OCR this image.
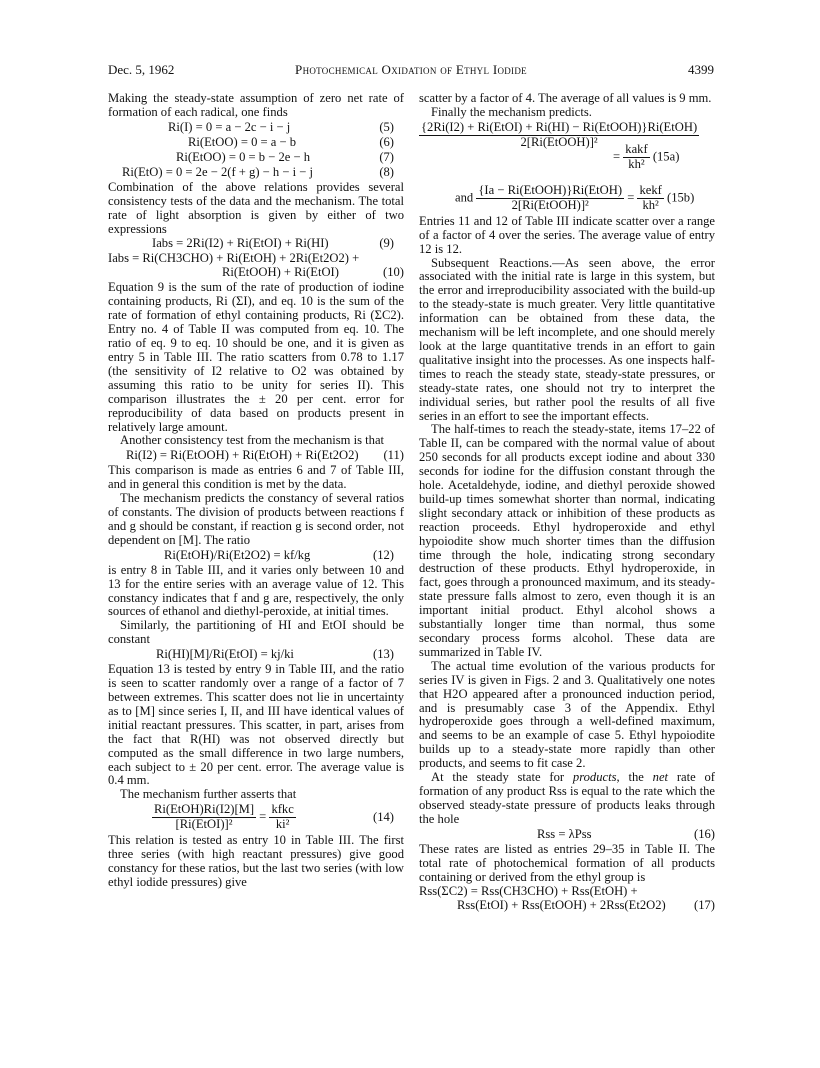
Dec. 5, 1962	Photochemical Oxidation of Ethyl Iodide	4399

Making the steady-state assumption of zero net rate of formation of each radical, one finds

Ri(I) = 0 = a − 2c − i − j	(5)
Ri(EtOO) = 0 = a − b	(6)
Ri(EtOO) = 0 = b − 2e − h	(7)
Ri(EtO) = 0 = 2e − 2(f + g) − h − i − j	(8)

Combination of the above relations provides several consistency tests of the data and the mechanism. The total rate of light absorption is given by either of two expressions

Iabs = 2Ri(I2) + Ri(EtOI) + Ri(HI)	(9)
Iabs = Ri(CH3CHO) + Ri(EtOH) + 2Ri(Et2O2) +
Ri(EtOOH) + Ri(EtOI)	(10)

Equation 9 is the sum of the rate of production of iodine containing products, Ri (ΣI), and eq. 10 is the sum of the rate of formation of ethyl containing products, Ri (ΣC2). Entry no. 4 of Table II was computed from eq. 10. The ratio of eq. 9 to eq. 10 should be one, and it is given as entry 5 in Table III. The ratio scatters from 0.78 to 1.17 (the sensitivity of I2 relative to O2 was obtained by assuming this ratio to be unity for series II). This comparison illustrates the ± 20 per cent. error for reproducibility of data based on products present in relatively large amount.

Another consistency test from the mechanism is that

Ri(I2) = Ri(EtOOH) + Ri(EtOH) + Ri(Et2O2) (11)

This comparison is made as entries 6 and 7 of Table III, and in general this condition is met by the data.

The mechanism predicts the constancy of several ratios of constants. The division of products between reactions f and g should be constant, if reaction g is second order, not dependent on [M]. The ratio

Ri(EtOH)/Ri(Et2O2) = kf/kg	(12)

is entry 8 in Table III, and it varies only between 10 and 13 for the entire series with an average value of 12. This constancy indicates that f and g are, respectively, the only sources of ethanol and diethyl-peroxide, at initial times.

Similarly, the partitioning of HI and EtOI should be constant

Ri(HI)[M]/Ri(EtOI) = kj/ki	(13)

Equation 13 is tested by entry 9 in Table III, and the ratio is seen to scatter randomly over a range of a factor of 7 between extremes. This scatter does not lie in uncertainty as to [M] since series I, II, and III have identical values of initial reactant pressures. This scatter, in part, arises from the fact that R(HI) was not observed directly but computed as the small difference in two large numbers, each subject to ± 20 per cent. error. The average value is 0.4 mm.

The mechanism further asserts that

$\frac{\text{Ri(EtOH)Ri(I2)[M]}}{\text{[Ri(EtOI)]²}} = \frac{\text{kfkc}}{\text{ki²}}$	(14)

This relation is tested as entry 10 in Table III. The first three series (with high reactant pressures) give good constancy for these ratios, but the last two series (with low ethyl iodide pressures) give

scatter by a factor of 4. The average of all values is 9 mm.

Finally the mechanism predicts.

$\frac{\text{\{2Ri(I2) + Ri(EtOI) + Ri(HI) − Ri(EtOOH)\}Ri(EtOH)}}{\text{2[Ri(EtOOH)]²}}$
= $\frac{\text{kakf}}{\text{kh²}} (15a)$
and $\frac{\text{\{Ia − Ri(EtOOH)\}Ri(EtOH)}}{\text{2[Ri(EtOOH)]²}} = \frac{\text{kekf}}{\text{kh²}} (15b)$

Entries 11 and 12 of Table III indicate scatter over a range of a factor of 4 over the series. The average value of entry 12 is 12.

Subsequent Reactions.—As seen above, the error associated with the initial rate is large in this system, but the error and irreproducibility associated with the build-up to the steady-state is much greater. Very little quantitative information can be obtained from these data, the mechanism will be left incomplete, and one should merely look at the large quantitative trends in an effort to gain qualitative insight into the processes. As one inspects half-times to reach the steady state, steady-state pressures, or steady-state rates, one should not try to interpret the individual series, but rather pool the results of all five series in an effort to see the important effects.

The half-times to reach the steady-state, items 17–22 of Table II, can be compared with the normal value of about 250 seconds for all products except iodine and about 330 seconds for iodine for the diffusion constant through the hole. Acetaldehyde, iodine, and diethyl peroxide showed build-up times somewhat shorter than normal, indicating slight secondary attack or inhibition of these products as reaction proceeds. Ethyl hydroperoxide and ethyl hypoiodite show much shorter times than the diffusion time through the hole, indicating strong secondary destruction of these products. Ethyl hydroperoxide, in fact, goes through a pronounced maximum, and its steady-state pressure falls almost to zero, even though it is an important initial product. Ethyl alcohol shows a substantially longer time than normal, thus some secondary process forms alcohol. These data are summarized in Table IV.

The actual time evolution of the various products for series IV is given in Figs. 2 and 3. Qualitatively one notes that H2O appeared after a pronounced induction period, and is presumably case 3 of the Appendix. Ethyl hydroperoxide goes through a well-defined maximum, and seems to be an example of case 5. Ethyl hypoiodite builds up to a steady-state more rapidly than other products, and seems to fit case 2.

At the steady state for products, the net rate of formation of any product Rss is equal to the rate which the observed steady-state pressure of products leaks through the hole

Rss = λPss	(16)

These rates are listed as entries 29–35 in Table II. The total rate of photochemical formation of all products containing or derived from the ethyl group is

Rss(ΣC2) = Rss(CH3CHO) + Rss(EtOH) +
Rss(EtOI) + Rss(EtOOH) + 2Rss(Et2O2) (17)
